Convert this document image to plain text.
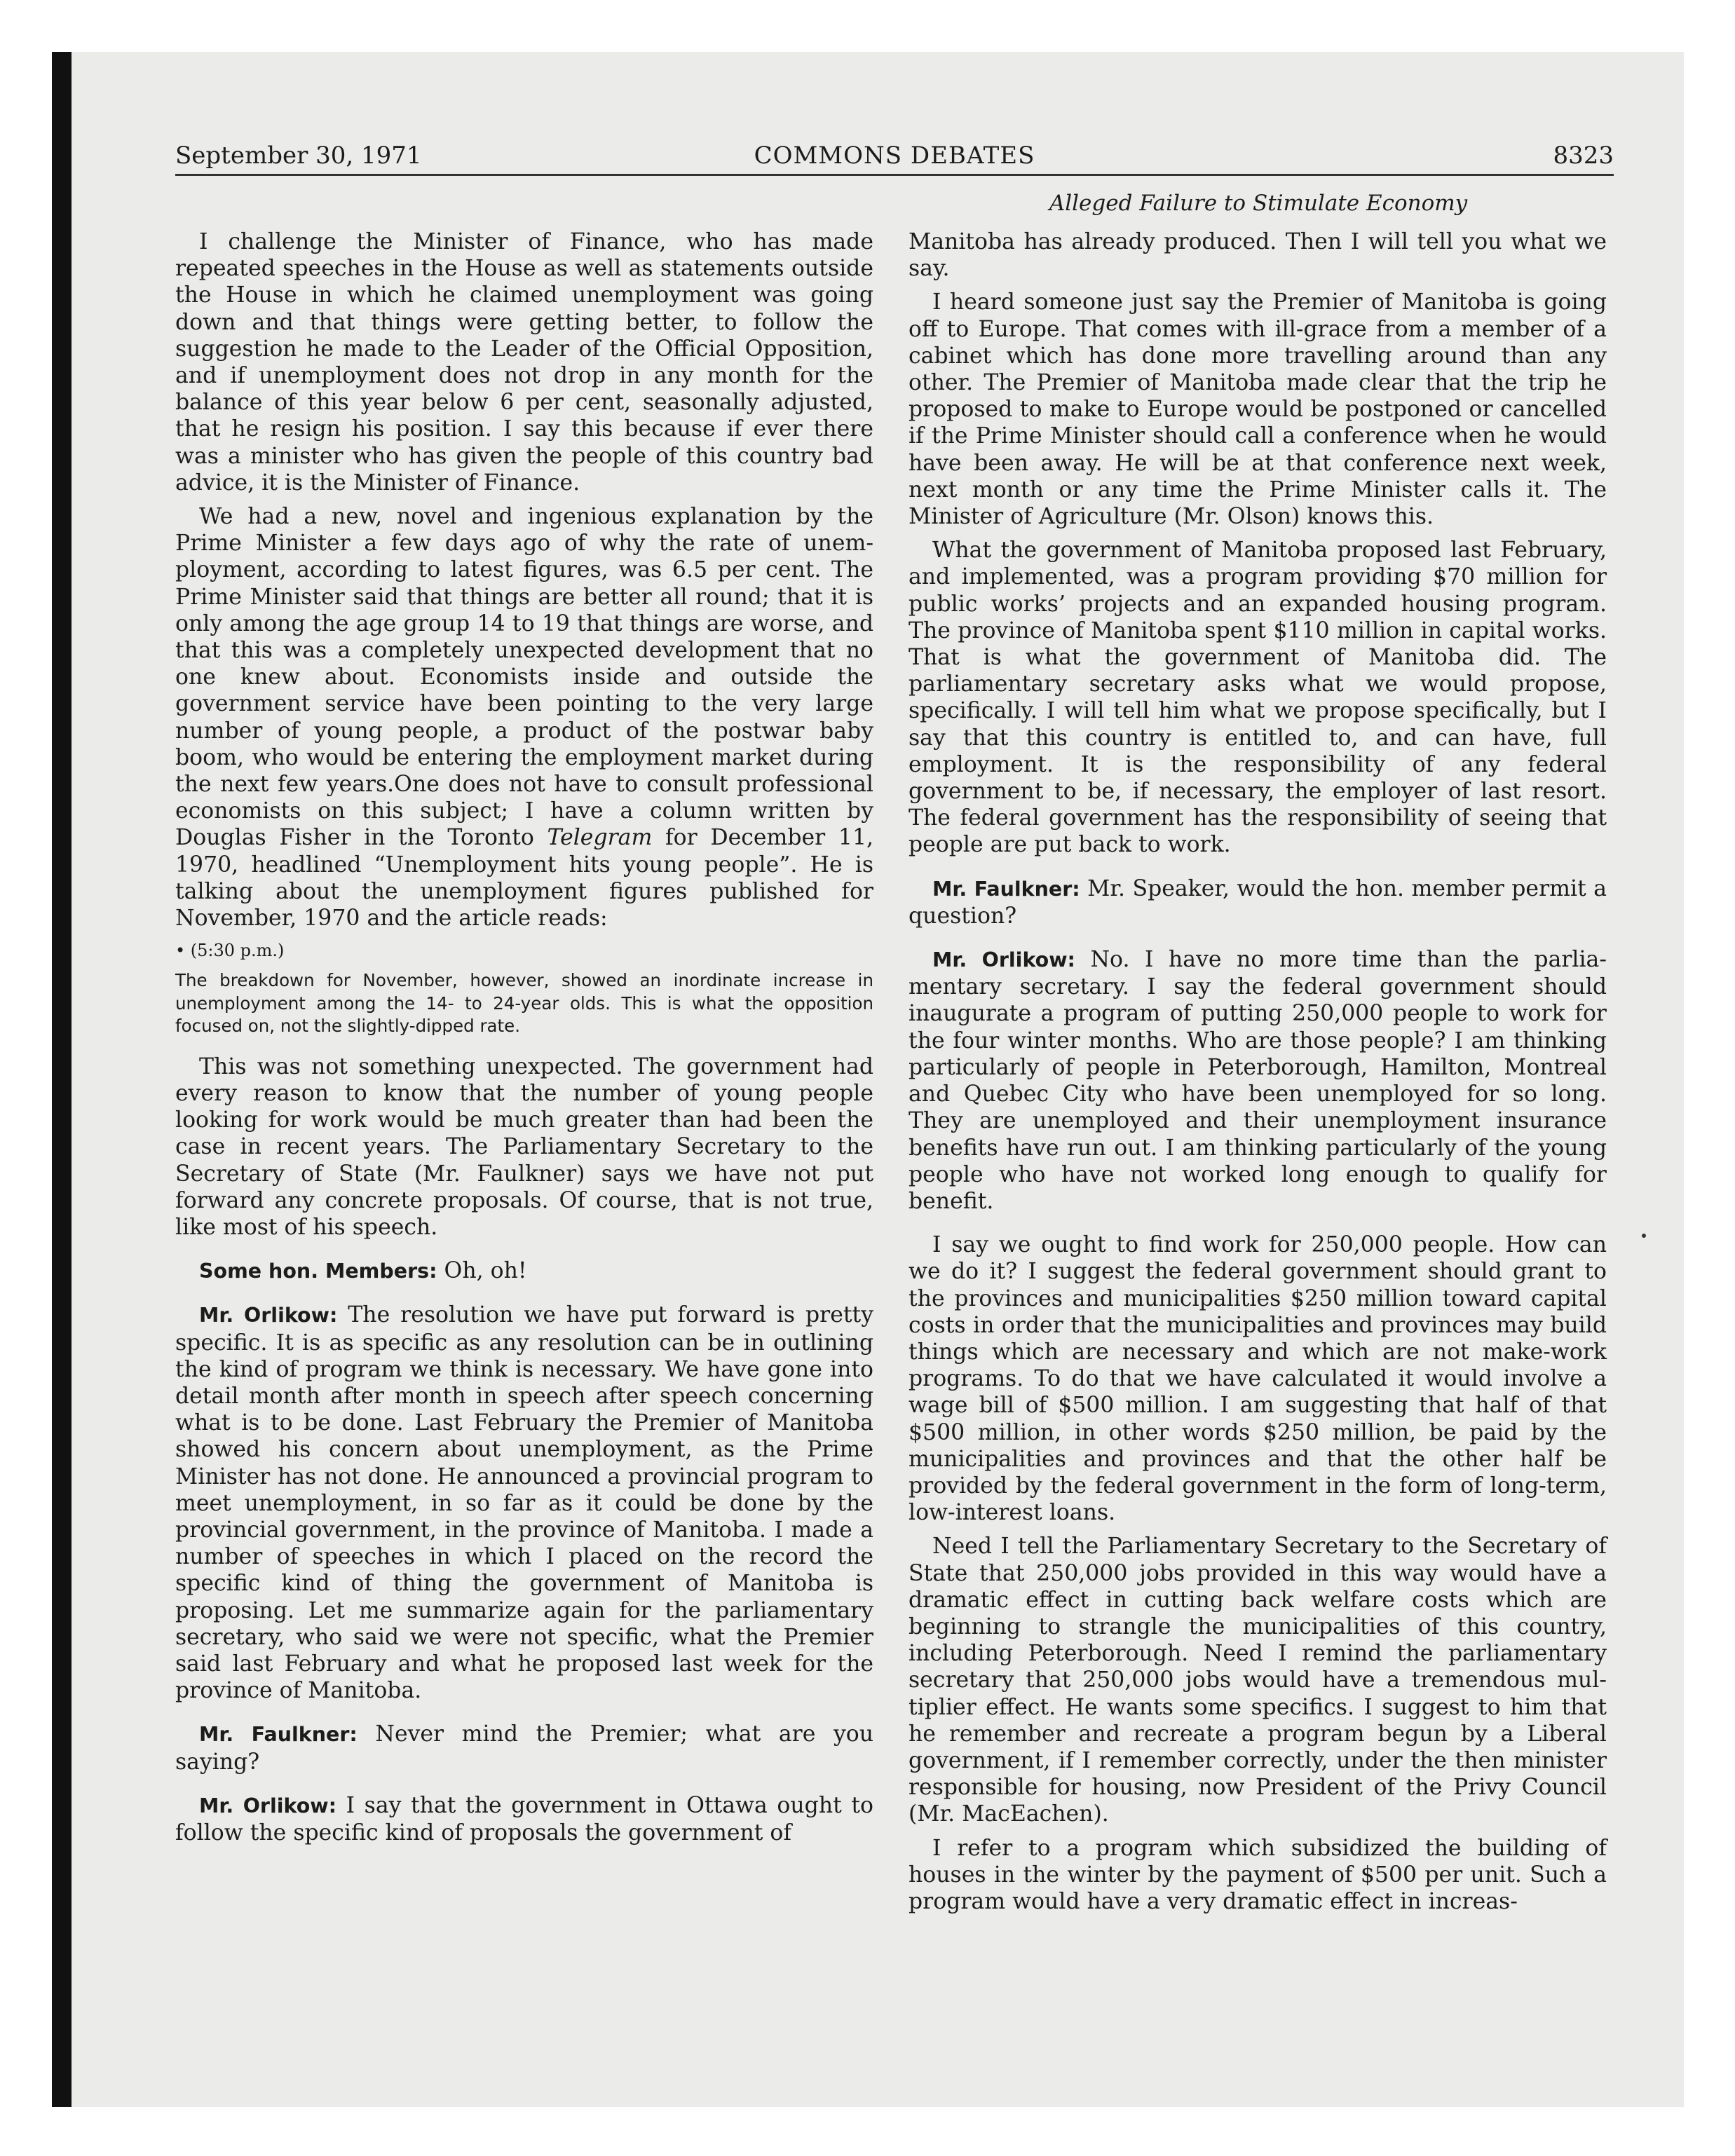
September 30, 1971	COMMONS DEBATES	8323
Alleged Failure to Stimulate Economy

I challenge the Minister of Finance, who has made repeated speeches in the House as well as statements outside the House in which he claimed unemployment was going down and that things were getting better, to follow the suggestion he made to the Leader of the Official Opposition, and if unemployment does not drop in any month for the balance of this year below 6 per cent, seasonally adjusted, that he resign his position. I say this because if ever there was a minister who has given the people of this country bad advice, it is the Minister of Finance.

We had a new, novel and ingenious explanation by the Prime Minister a few days ago of why the rate of unemployment, according to latest figures, was 6.5 per cent. The Prime Minister said that things are better all round; that it is only among the age group 14 to 19 that things are worse, and that this was a completely unexpected development that no one knew about. Economists inside and outside the government service have been pointing to the very large number of young people, a product of the postwar baby boom, who would be entering the employment market during the next few years.One does not have to consult professional economists on this subject; I have a column written by Douglas Fisher in the Toronto Telegram for December 11, 1970, headlined “Unemployment hits young people”. He is talking about the unemployment figures published for November, 1970 and the article reads:

• (5:30 p.m.)

The breakdown for November, however, showed an inordinate increase in unemployment among the 14- to 24-year olds. This is what the opposition focused on, not the slightly-dipped rate.

This was not something unexpected. The government had every reason to know that the number of young people looking for work would be much greater than had been the case in recent years. The Parliamentary Secretary to the Secretary of State (Mr. Faulkner) says we have not put forward any concrete proposals. Of course, that is not true, like most of his speech.

Some hon. Members: Oh, oh!

Mr. Orlikow: The resolution we have put forward is pretty specific. It is as specific as any resolution can be in outlining the kind of program we think is necessary. We have gone into detail month after month in speech after speech concerning what is to be done. Last February the Premier of Manitoba showed his concern about unemployment, as the Prime Minister has not done. He announced a provincial program to meet unemployment, in so far as it could be done by the provincial government, in the province of Manitoba. I made a number of speeches in which I placed on the record the specific kind of thing the government of Manitoba is proposing. Let me summarize again for the parliamentary secretary, who said we were not specific, what the Premier said last February and what he proposed last week for the province of Manitoba.

Mr. Faulkner: Never mind the Premier; what are you saying?

Mr. Orlikow: I say that the government in Ottawa ought to follow the specific kind of proposals the government of

Manitoba has already produced. Then I will tell you what we say.

I heard someone just say the Premier of Manitoba is going off to Europe. That comes with ill-grace from a member of a cabinet which has done more travelling around than any other. The Premier of Manitoba made clear that the trip he proposed to make to Europe would be postponed or cancelled if the Prime Minister should call a conference when he would have been away. He will be at that conference next week, next month or any time the Prime Minister calls it. The Minister of Agriculture (Mr. Olson) knows this.

What the government of Manitoba proposed last February, and implemented, was a program providing $70 million for public works’ projects and an expanded housing program. The province of Manitoba spent $110 million in capital works. That is what the government of Manitoba did. The parliamentary secretary asks what we would propose, specifically. I will tell him what we propose specifically, but I say that this country is entitled to, and can have, full employment. It is the responsibility of any federal government to be, if necessary, the employer of last resort. The federal government has the responsibility of seeing that people are put back to work.

Mr. Faulkner: Mr. Speaker, would the hon. member permit a question?

Mr. Orlikow: No. I have no more time than the parliamentary secretary. I say the federal government should inaugurate a program of putting 250,000 people to work for the four winter months. Who are those people? I am thinking particularly of people in Peterborough, Hamilton, Montreal and Quebec City who have been unemployed for so long. They are unemployed and their unemployment insurance benefits have run out. I am thinking particularly of the young people who have not worked long enough to qualify for benefit.

I say we ought to find work for 250,000 people. How can we do it? I suggest the federal government should grant to the provinces and municipalities $250 million toward capital costs in order that the municipalities and provinces may build things which are necessary and which are not make-work programs. To do that we have calculated it would involve a wage bill of $500 million. I am suggesting that half of that $500 million, in other words $250 million, be paid by the municipalities and provinces and that the other half be provided by the federal government in the form of long-term, low-interest loans.

Need I tell the Parliamentary Secretary to the Secretary of State that 250,000 jobs provided in this way would have a dramatic effect in cutting back welfare costs which are beginning to strangle the municipalities of this country, including Peterborough. Need I remind the parliamentary secretary that 250,000 jobs would have a tremendous multiplier effect. He wants some specifics. I suggest to him that he remember and recreate a program begun by a Liberal government, if I remember correctly, under the then minister responsible for housing, now President of the Privy Council (Mr. MacEachen).

I refer to a program which subsidized the building of houses in the winter by the payment of $500 per unit. Such a program would have a very dramatic effect in increas-
